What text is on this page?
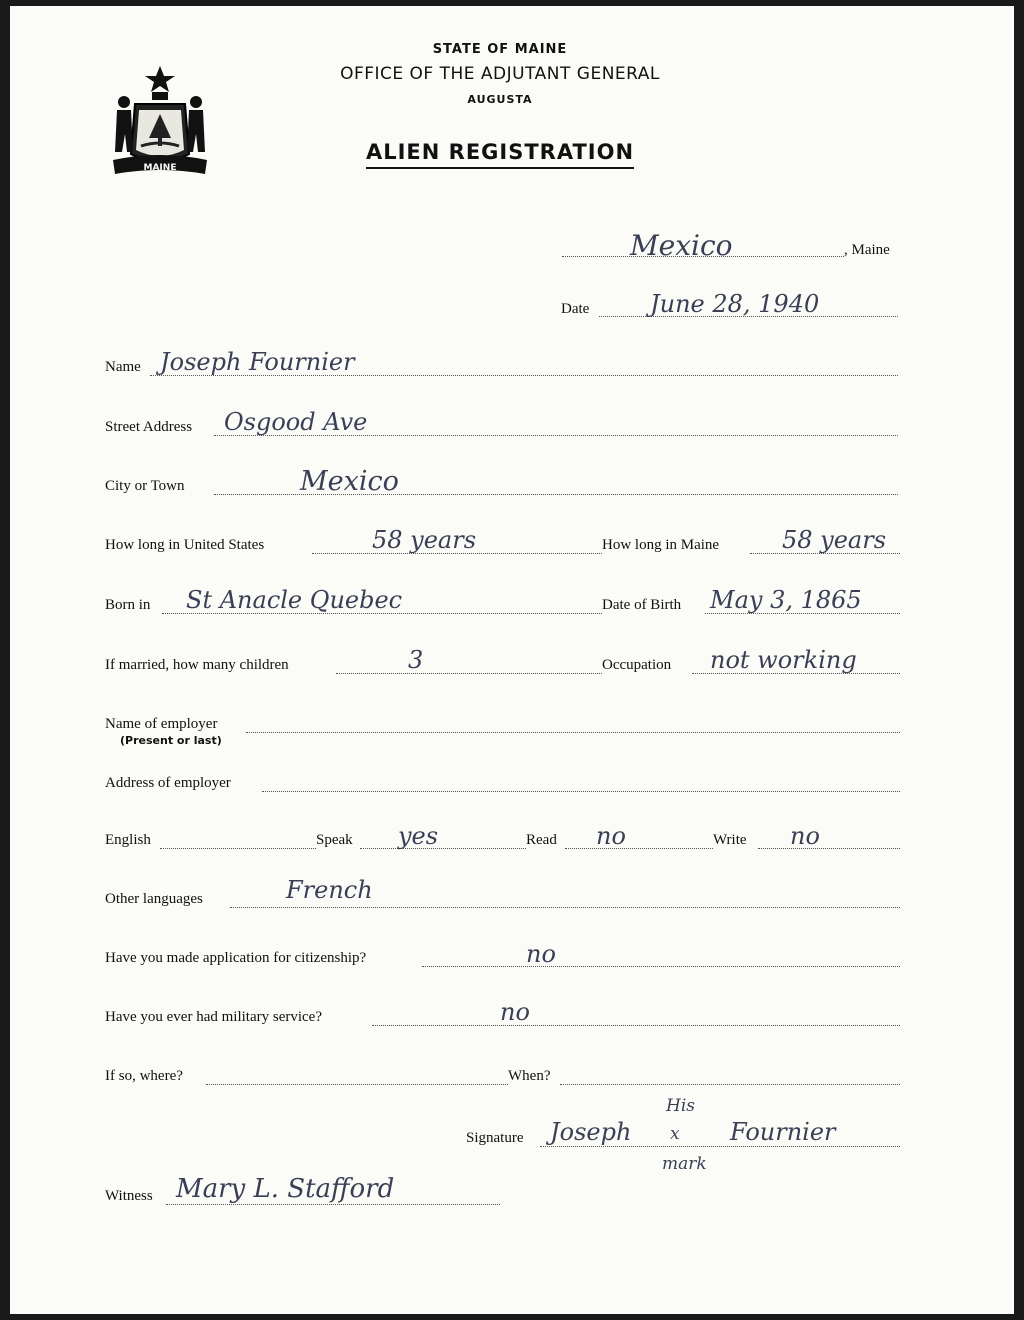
MAINE
STATE OF MAINE
OFFICE OF THE ADJUTANT GENERAL
AUGUSTA
ALIEN REGISTRATION
Mexico	, Maine
Date	June 28, 1940
Name Joseph Fournier
Street Address Osgood Ave
City or Town	Mexico
How long in United States	58 years	How long in Maine	58 years
Born in St Anacle Quebec	Date of Birth May 3, 1865
If married, how many children	3	Occupation not working
Name of employer
(Present or last)
Address of employer
English	Speak yes	Read no	Write no
Other languages	French
Have you made application for citizenship?	no
Have you ever had military service?	no
If so, where?	When?
Signature
His
Joseph x Fournier
mark
Witness Mary L. Stafford
